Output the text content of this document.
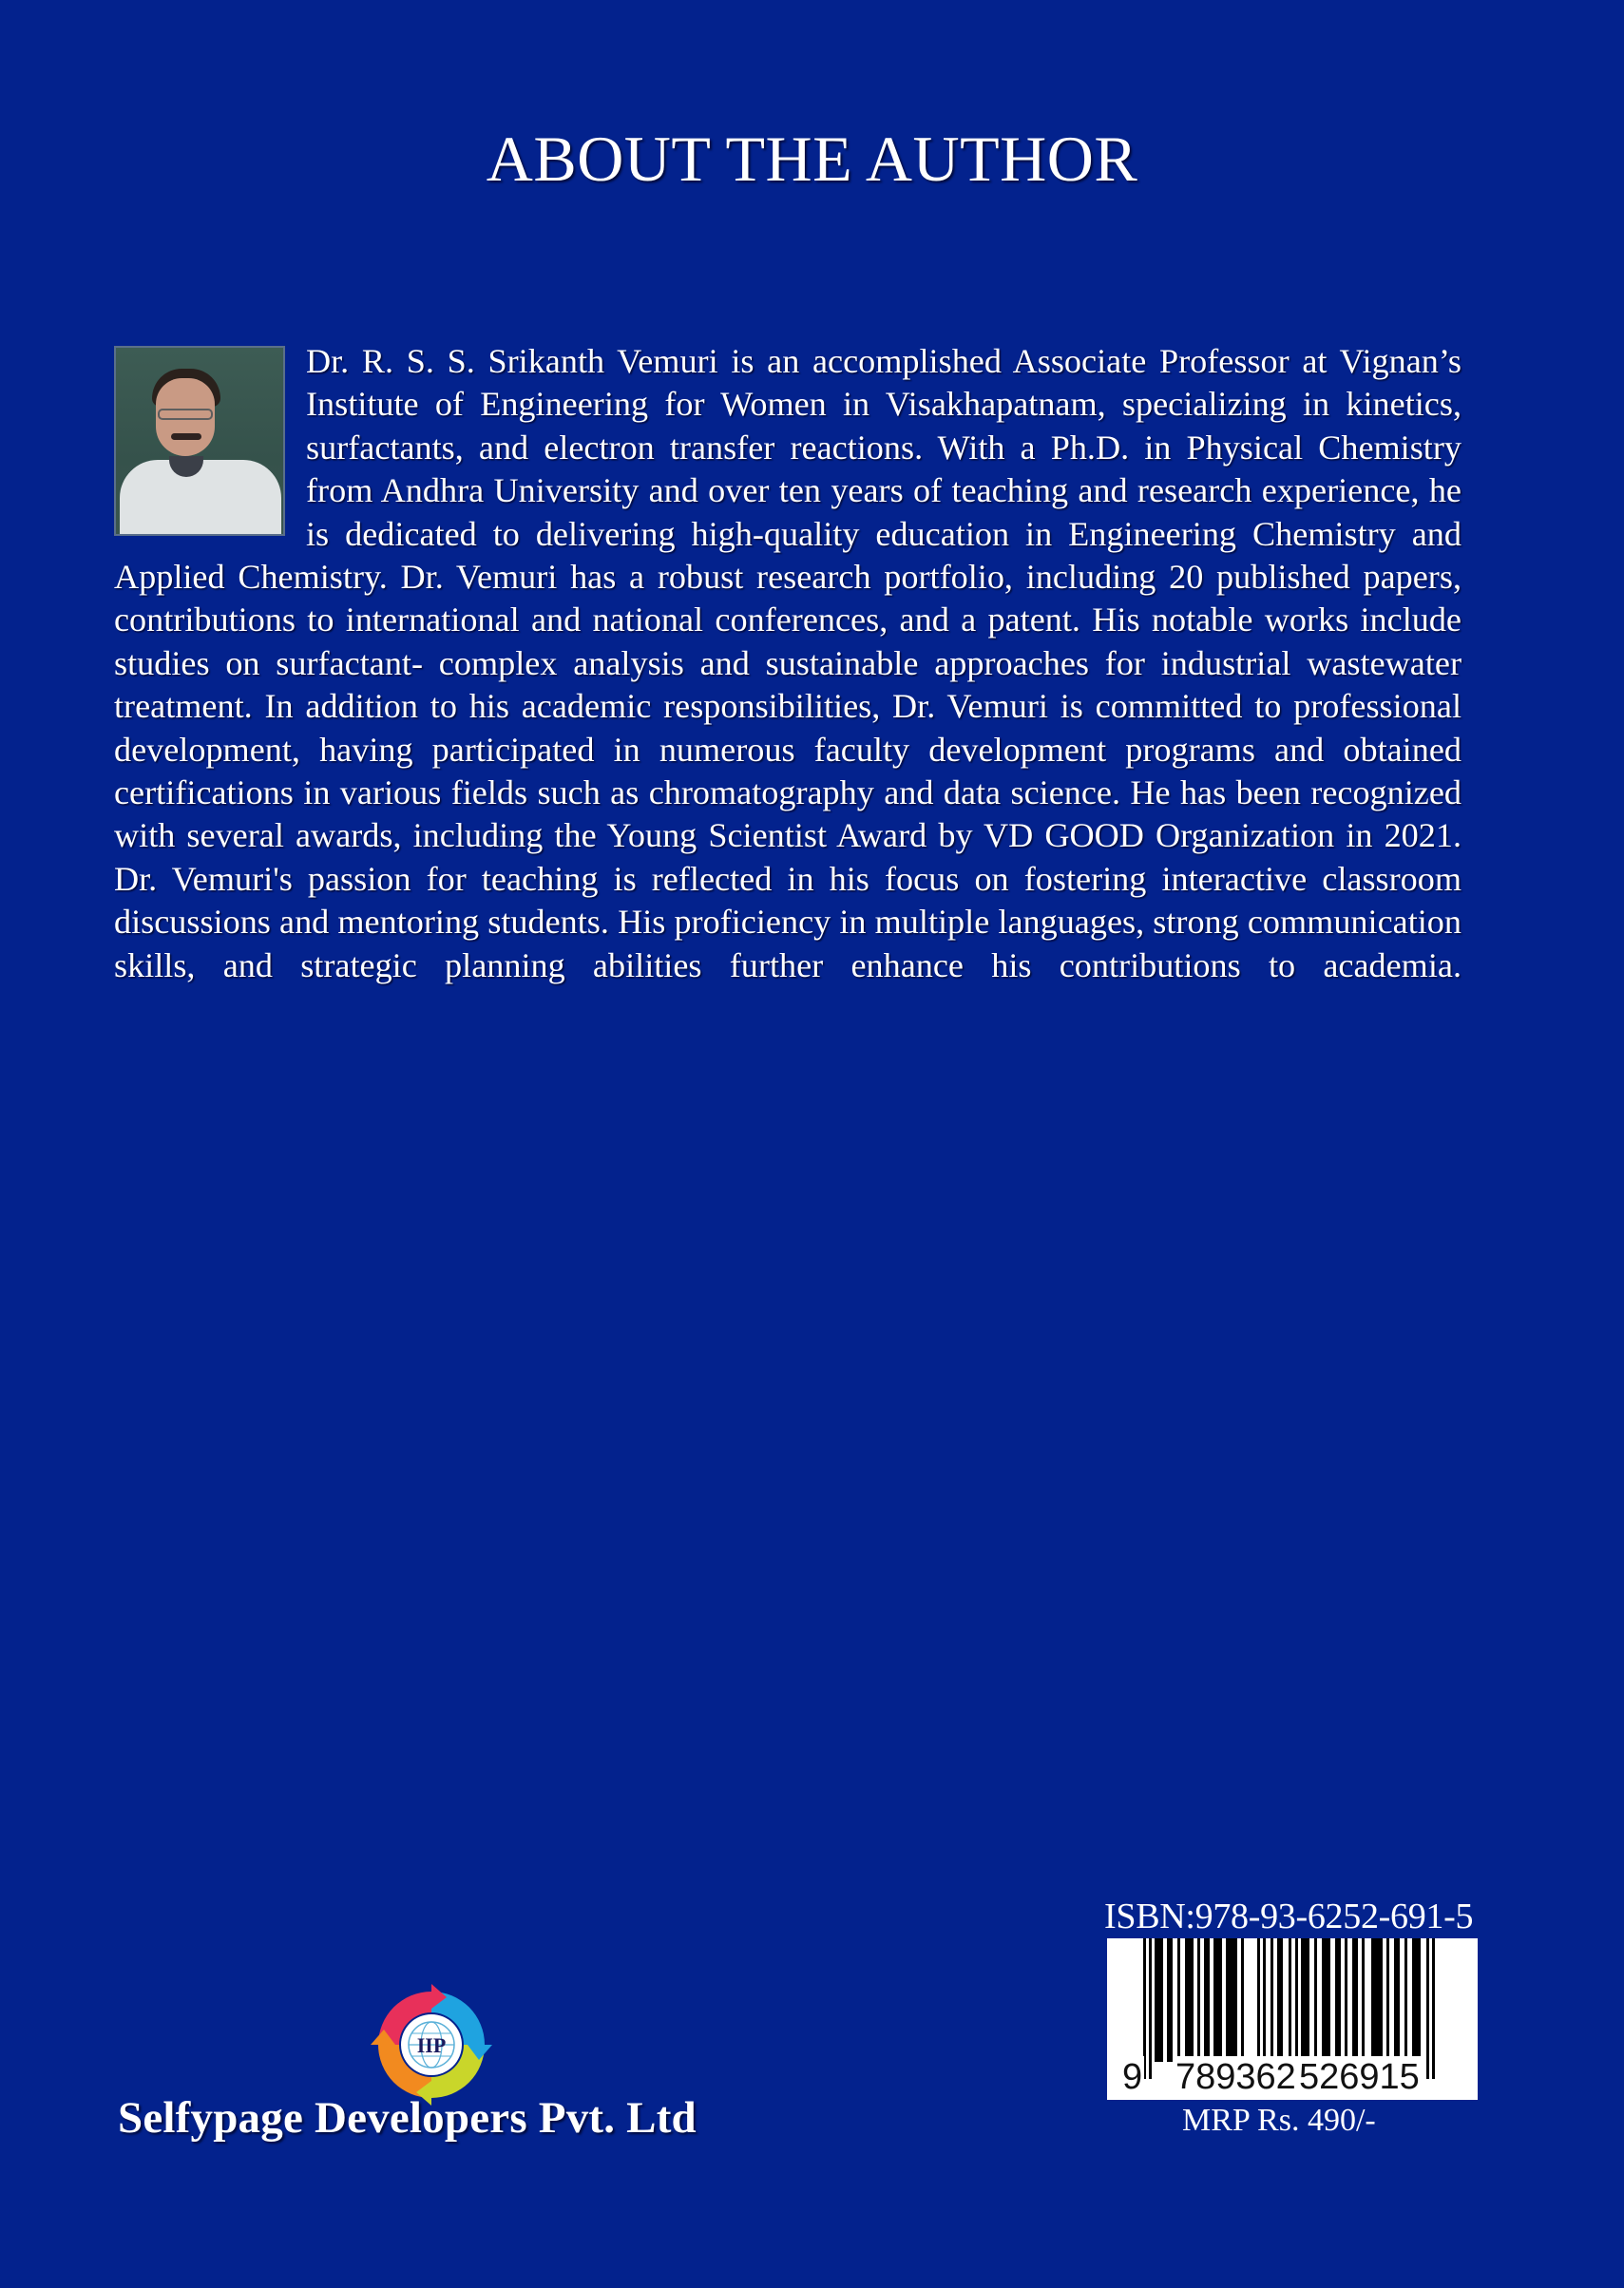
ABOUT THE AUTHOR
Dr. R. S. S. Srikanth Vemuri is an accomplished Associate Professor at Vignan’s Institute of Engineering for Women in Visakhapatnam, specializing in kinetics, surfactants, and electron transfer reactions. With a Ph.D. in Physical Chemistry from Andhra University and over ten years of teaching and research experience, he is dedicated to delivering high-quality education in Engineering Chemistry and Applied Chemistry. Dr. Vemuri has a robust research portfolio, including 20 published papers, contributions to international and national conferences, and a patent. His notable works include studies on surfactant- complex analysis and sustainable approaches for industrial wastewater treatment. In addition to his academic responsibilities, Dr. Vemuri is committed to professional development, having participated in numerous faculty development programs and obtained certifications in various fields such as chromatography and data science. He has been recognized with several awards, including the Young Scientist Award by VD GOOD Organization in 2021. Dr. Vemuri's passion for teaching is reflected in his focus on fostering interactive classroom discussions and mentoring students. His proficiency in multiple languages, strong communication skills, and strategic planning abilities further enhance his contributions to academia.
IIP
Selfypage Developers Pvt. Ltd
ISBN:978-93-6252-691-5
9 789362 526915
MRP Rs. 490/-
